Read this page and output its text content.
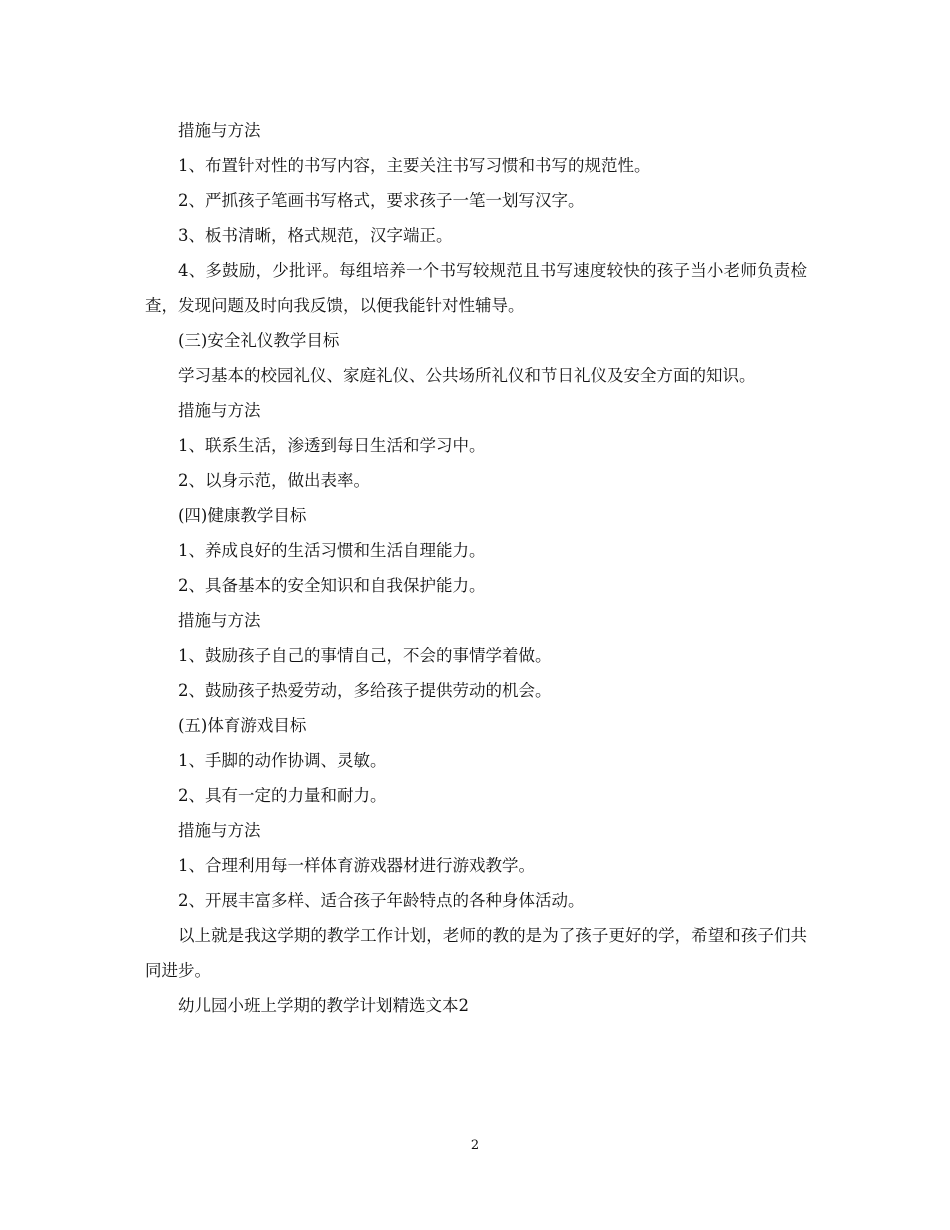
措施与方法

1、布置针对性的书写内容，主要关注书写习惯和书写的规范性。

2、严抓孩子笔画书写格式，要求孩子一笔一划写汉字。

3、板书清晰，格式规范，汉字端正。

4、多鼓励，少批评。每组培养一个书写较规范且书写速度较快的孩子当小老师负责检查，发现问题及时向我反馈，以便我能针对性辅导。

(三)安全礼仪教学目标

学习基本的校园礼仪、家庭礼仪、公共场所礼仪和节日礼仪及安全方面的知识。

措施与方法

1、联系生活，渗透到每日生活和学习中。

2、以身示范，做出表率。

(四)健康教学目标

1、养成良好的生活习惯和生活自理能力。

2、具备基本的安全知识和自我保护能力。

措施与方法

1、鼓励孩子自己的事情自己，不会的事情学着做。

2、鼓励孩子热爱劳动，多给孩子提供劳动的机会。

(五)体育游戏目标

1、手脚的动作协调、灵敏。

2、具有一定的力量和耐力。

措施与方法

1、合理利用每一样体育游戏器材进行游戏教学。

2、开展丰富多样、适合孩子年龄特点的各种身体活动。

以上就是我这学期的教学工作计划，老师的教的是为了孩子更好的学，希望和孩子们共同进步。

幼儿园小班上学期的教学计划精选文本2

2
